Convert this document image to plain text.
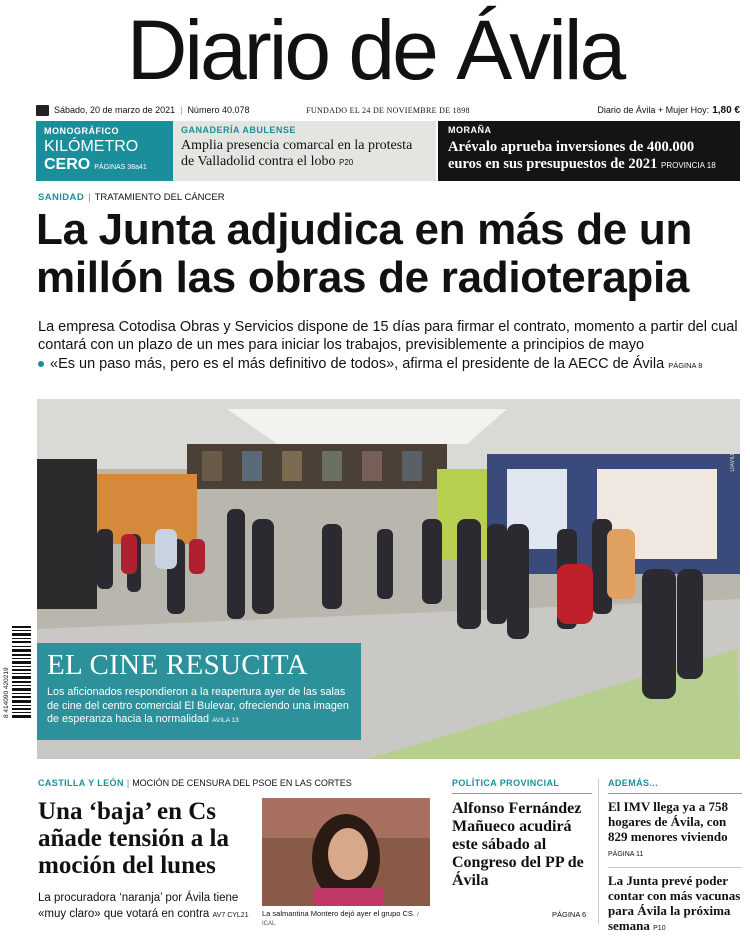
Diario de Ávila
Sábado, 20 de marzo de 2021 | Número 40.078	FUNDADO EL 24 DE NOVIEMBRE DE 1898	Diario de Ávila + Mujer Hoy: 1,80 €
MONOGRÁFICO
KILÓMETRO
CERO PÁGINAS 38a41
GANADERÍA ABULENSE
Amplia presencia comarcal en la protesta de Valladolid contra el lobo P20
MORAÑA
Arévalo aprueba inversiones de 400.000 euros en sus presupuestos de 2021 PROVINCIA 18
SANIDAD | TRATAMIENTO DEL CÁNCER
La Junta adjudica en más de un millón las obras de radioterapia
La empresa Cotodisa Obras y Servicios dispone de 15 días para firmar el contrato, momento a partir del cual contará con un plazo de un mes para iniciar los trabajos, previsiblemente a principios de mayo
«Es un paso más, pero es el más definitivo de todos», afirma el presidente de la AECC de Ávila PÁGINA 8
DAVID CASTRO
EL CINE RESUCITA
Los aficionados respondieron a la reapertura ayer de las salas de cine del centro comercial El Bulevar, ofreciendo una imagen de esperanza hacia la normalidad AVILA 13
8 414090 420219
CASTILLA Y LEÓN | MOCIÓN DE CENSURA DEL PSOE EN LAS CORTES
Una ‘baja’ en Cs añade tensión a la moción del lunes
La procuradora ‘naranja’ por Ávila tiene «muy claro» que votará en contra AV7 CYL21	La salmantina Montero dejó ayer el grupo CS. / ICAL
POLÍTICA PROVINCIAL
Alfonso Fernández Mañueco acudirá este sábado al Congreso del PP de Ávila
PÁGINA 6
ADEMÁS...
El IMV llega ya a 758 hogares de Ávila, con 829 menores viviendo PÁGINA 11
La Junta prevé poder contar con más vacunas para Ávila la próxima semana P10
